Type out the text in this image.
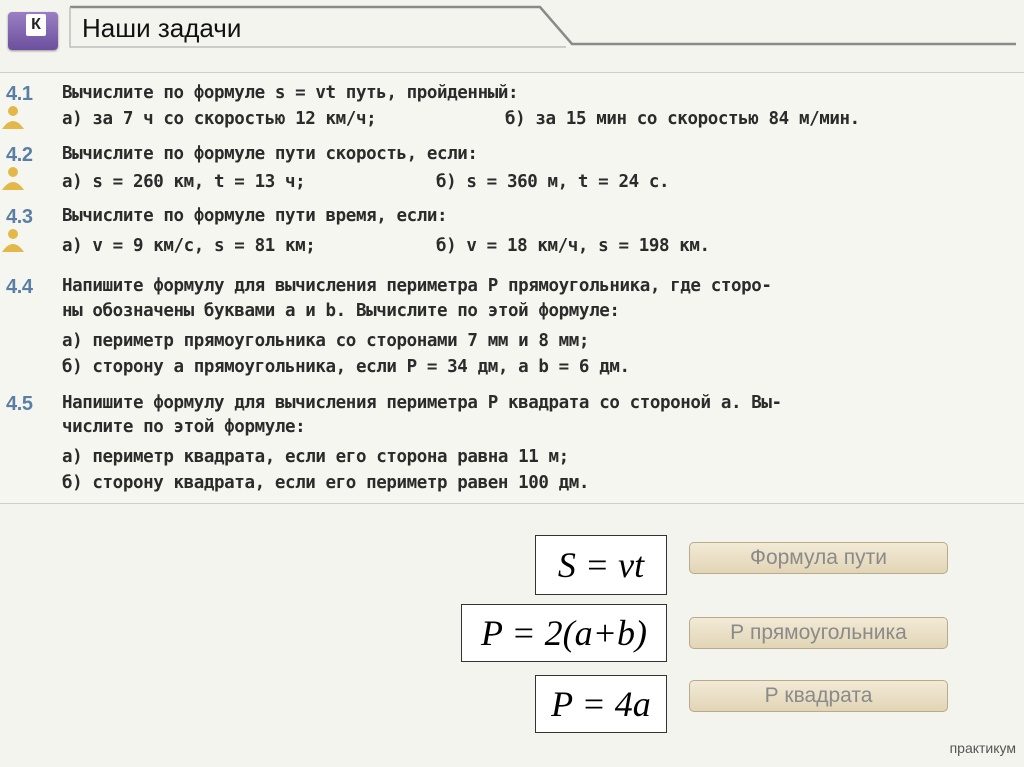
К Наши задачи
4.1 Вычислите по формуле s = vt путь, пройденный:
а) за 7 ч со скоростью 12 км/ч;	б) за 15 мин со скоростью 84 м/мин.
4.2 Вычислите по формуле пути скорость, если:
а) s = 260 км, t = 13 ч;	б) s = 360 м, t = 24 с.
4.3 Вычислите по формуле пути время, если:
а) v = 9 км/с, s = 81 км;	б) v = 18 км/ч, s = 198 км.
4.4 Напишите формулу для вычисления периметра P прямоугольника, где сторо-
ны обозначены буквами a и b. Вычислите по этой формуле:
а) периметр прямоугольника со сторонами 7 мм и 8 мм;
б) сторону a прямоугольника, если P = 34 дм, а b = 6 дм.
4.5 Напишите формулу для вычисления периметра P квадрата со стороной a. Вы-
числите по этой формуле:
а) периметр квадрата, если его сторона равна 11 м;
б) сторону квадрата, если его периметр равен 100 дм.
S = vt	Формула пути
P = 2(a+b)	Р прямоугольника
P = 4a	Р квадрата
практикум
